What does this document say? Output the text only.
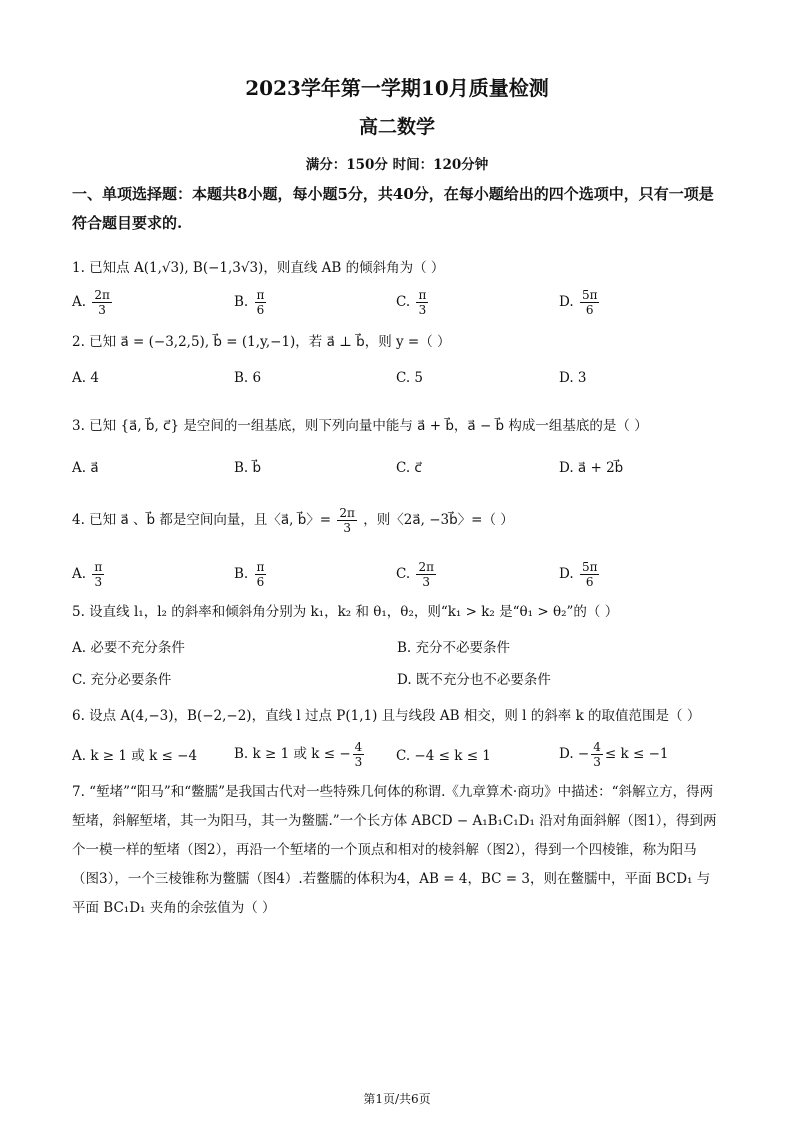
2023学年第一学期10月质量检测
高二数学
满分：150分 时间：120分钟
一、单项选择题：本题共8小题，每小题5分，共40分，在每小题给出的四个选项中，只有一项是符合题目要求的.
1. 已知点 A(1,√3), B(−1,3√3)，则直线 AB 的倾斜角为（ ）
A. $\frac{2\pi}{3}$	B. $\frac{\pi}{6}$	C. $\frac{\pi}{3}$	D. $\frac{5\pi}{6}$
2. 已知 a⃗ = (−3,2,5), b⃗ = (1,y,−1)，若 a⃗ ⊥ b⃗，则 y =（ ）
A. 4	B. 6	C. 5	D. 3
3. 已知 {a⃗, b⃗, c⃗} 是空间的一组基底，则下列向量中能与 a⃗ + b⃗，a⃗ − b⃗ 构成一组基底的是（ ）
A. a⃗	B. b⃗	C. c⃗	D. a⃗ + 2b⃗
4. 已知 a⃗ 、b⃗ 都是空间向量，且〈a⃗, b⃗〉= $\frac{2\pi}{3}$ ，则〈2a⃗, −3b⃗〉=（ ）
A. $\frac{\pi}{3}$	B. $\frac{\pi}{6}$	C. $\frac{2\pi}{3}$	D. $\frac{5\pi}{6}$
5. 设直线 l₁，l₂ 的斜率和倾斜角分别为 k₁，k₂ 和 θ₁，θ₂，则“k₁ > k₂ 是“θ₁ > θ₂”的（ ）
A. 必要不充分条件	B. 充分不必要条件
C. 充分必要条件	D. 既不充分也不必要条件
6. 设点 A(4,−3)，B(−2,−2)，直线 l 过点 P(1,1) 且与线段 AB 相交，则 l 的斜率 k 的取值范围是（ ）
A. k ≥ 1 或 k ≤ −4	B. k ≥ 1 或 k ≤ − $\frac{4}{3} C$. −4 ≤ k ≤ 1	D. − $\frac{4}{3} \le k \le -1$
7. “堑堵”“阳马”和“鳖臑”是我国古代对一些特殊几何体的称谓.《九章算术·商功》中描述：“斜解立方，得两堑堵，斜解堑堵，其一为阳马，其一为鳖臑.”一个长方体 ABCD − A₁B₁C₁D₁ 沿对角面斜解（图1），得到两个一模一样的堑堵（图2），再沿一个堑堵的一个顶点和相对的棱斜解（图2），得到一个四棱锥，称为阳马（图3），一个三棱锥称为鳖臑（图4）.若鳖臑的体积为4，AB = 4，BC = 3，则在鳖臑中，平面 BCD₁ 与平面 BC₁D₁ 夹角的余弦值为（ ）
第1页/共6页
